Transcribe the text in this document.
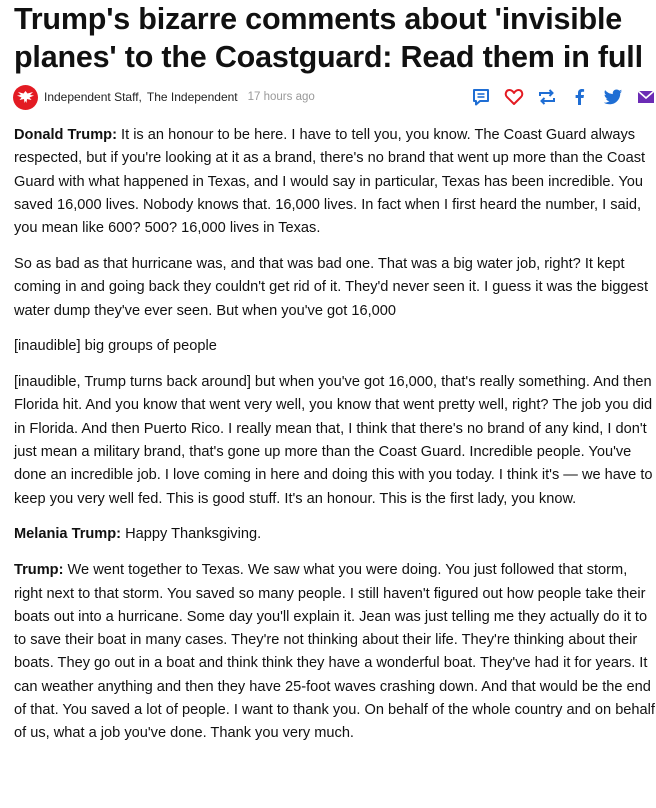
Trump's bizarre comments about 'invisible planes' to the Coastguard: Read them in full
Independent Staff, The Independent 17 hours ago

Donald Trump: It is an honour to be here. I have to tell you, you know. The Coast Guard always respected, but if you're looking at it as a brand, there's no brand that went up more than the Coast Guard with what happened in Texas, and I would say in particular, Texas has been incredible. You saved 16,000 lives. Nobody knows that. 16,000 lives. In fact when I first heard the number, I said, you mean like 600? 500? 16,000 lives in Texas.

So as bad as that hurricane was, and that was bad one. That was a big water job, right? It kept coming in and going back they couldn't get rid of it. They'd never seen it. I guess it was the biggest water dump they've ever seen. But when you've got 16,000

[inaudible] big groups of people

[inaudible, Trump turns back around] but when you've got 16,000, that's really something. And then Florida hit. And you know that went very well, you know that went pretty well, right? The job you did in Florida. And then Puerto Rico. I really mean that, I think that there's no brand of any kind, I don't just mean a military brand, that's gone up more than the Coast Guard. Incredible people. You've done an incredible job. I love coming in here and doing this with you today. I think it's — we have to keep you very well fed. This is good stuff. It's an honour. This is the first lady, you know.

Melania Trump: Happy Thanksgiving.

Trump: We went together to Texas. We saw what you were doing. You just followed that storm, right next to that storm. You saved so many people. I still haven't figured out how people take their boats out into a hurricane. Some day you'll explain it. Jean was just telling me they actually do it to to save their boat in many cases. They're not thinking about their life. They're thinking about their boats. They go out in a boat and think think they have a wonderful boat. They've had it for years. It can weather anything and then they have 25-foot waves crashing down. And that would be the end of that. You saved a lot of people. I want to thank you. On behalf of the whole country and on behalf of us, what a job you've done. Thank you very much.
